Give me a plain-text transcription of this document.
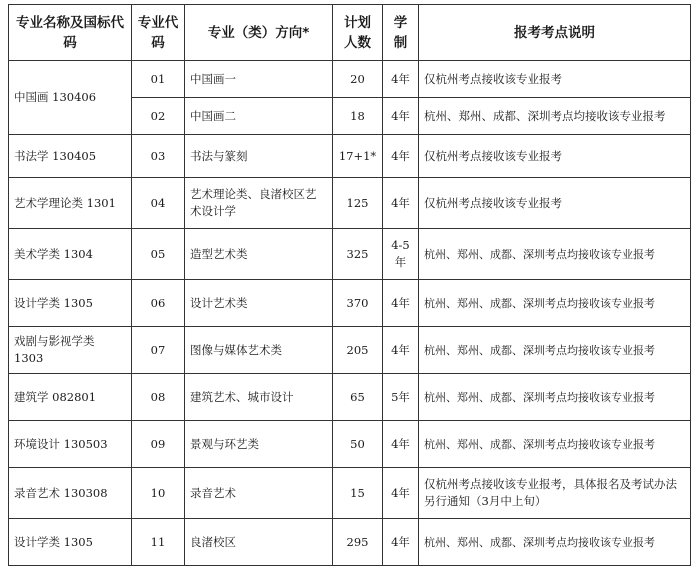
专业名称及国标代码	专业代码	专业（类）方向*	计划人数	学制	报考考点说明
中国画 130406	01	中国画一	20	4年	仅杭州考点接收该专业报考
	02	中国画二	18	4年	杭州、郑州、成都、深圳考点均接收该专业报考
书法学 130405	03	书法与篆刻	17+1*	4年	仅杭州考点接收该专业报考
艺术学理论类 1301	04	艺术理论类、良渚校区艺术设计学	125	4年	仅杭州考点接收该专业报考
美术学类 1304	05	造型艺术类	325	4-5年	杭州、郑州、成都、深圳考点均接收该专业报考
设计学类 1305	06	设计艺术类	370	4年	杭州、郑州、成都、深圳考点均接收该专业报考
戏剧与影视学类 1303	07	图像与媒体艺术类	205	4年	杭州、郑州、成都、深圳考点均接收该专业报考
建筑学 082801	08	建筑艺术、城市设计	65	5年	杭州、郑州、成都、深圳考点均接收该专业报考
环境设计 130503	09	景观与环艺类	50	4年	杭州、郑州、成都、深圳考点均接收该专业报考
录音艺术 130308	10	录音艺术	15	4年	仅杭州考点接收该专业报考，具体报名及考试办法另行通知（3月中上旬）
设计学类 1305	11	良渚校区	295	4年	杭州、郑州、成都、深圳考点均接收该专业报考
